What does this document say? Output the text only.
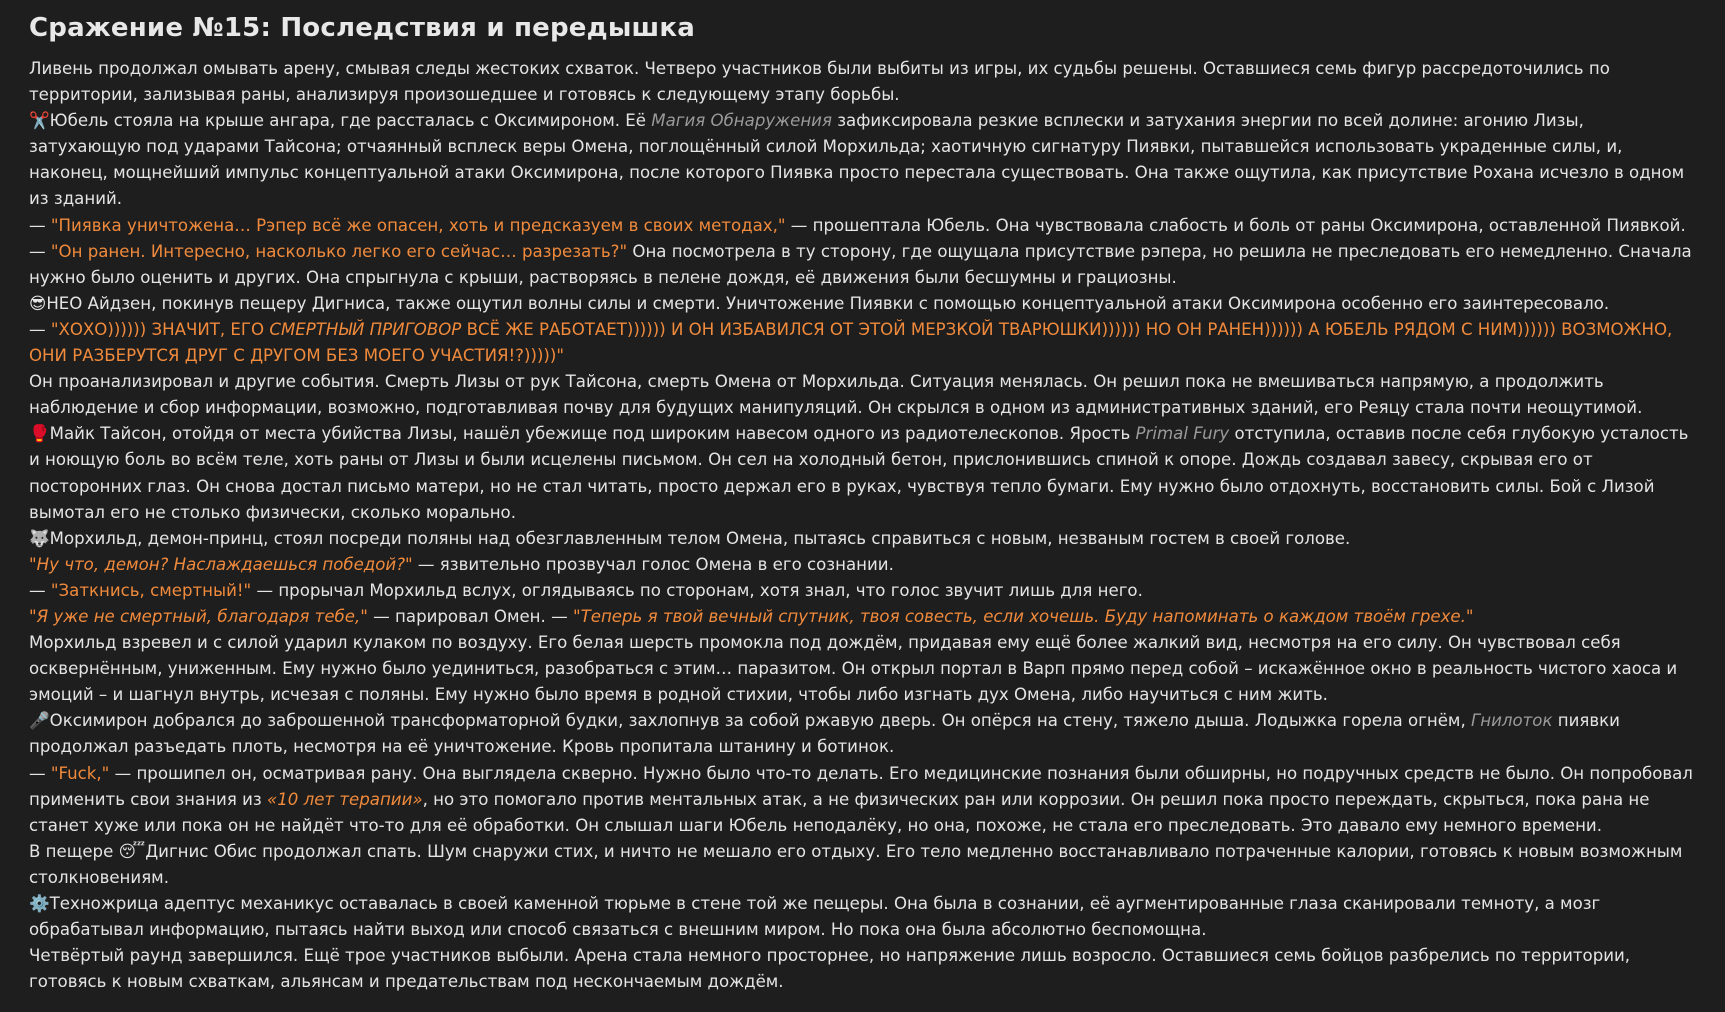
Сражение №15: Последствия и передышка

Ливень продолжал омывать арену, смывая следы жестоких схваток. Четверо участников были выбиты из игры, их судьбы решены. Оставшиеся семь фигур рассредоточились по территории, зализывая раны, анализируя произошедшее и готовясь к следующему этапу борьбы.

✂️Юбель стояла на крыше ангара, где рассталась с Оксимироном. Её Магия Обнаружения зафиксировала резкие всплески и затухания энергии по всей долине: агонию Лизы, затухающую под ударами Тайсона; отчаянный всплеск веры Омена, поглощённый силой Морхильда; хаотичную сигнатуру Пиявки, пытавшейся использовать украденные силы, и, наконец, мощнейший импульс концептуальной атаки Оксимирона, после которого Пиявка просто перестала существовать. Она также ощутила, как присутствие Рохана исчезло в одном из зданий.

— "Пиявка уничтожена… Рэпер всё же опасен, хоть и предсказуем в своих методах," — прошептала Юбель. Она чувствовала слабость и боль от раны Оксимирона, оставленной Пиявкой. — "Он ранен. Интересно, насколько легко его сейчас… разрезать?" Она посмотрела в ту сторону, где ощущала присутствие рэпера, но решила не преследовать его немедленно. Сначала нужно было оценить и других. Она спрыгнула с крыши, растворяясь в пелене дождя, её движения были бесшумны и грациозны.

😎НЕО Айдзен, покинув пещеру Дигниса, также ощутил волны силы и смерти. Уничтожение Пиявки с помощью концептуальной атаки Оксимирона особенно его заинтересовало.

— "ХОХО)))))) ЗНАЧИТ, ЕГО СМЕРТНЫЙ ПРИГОВОР ВСЁ ЖЕ РАБОТАЕТ)))))) И ОН ИЗБАВИЛСЯ ОТ ЭТОЙ МЕРЗКОЙ ТВАРЮШКИ)))))) НО ОН РАНЕН)))))) А ЮБЕЛЬ РЯДОМ С НИМ)))))) ВОЗМОЖНО, ОНИ РАЗБЕРУТСЯ ДРУГ С ДРУГОМ БЕЗ МОЕГО УЧАСТИЯ!?)))))"

Он проанализировал и другие события. Смерть Лизы от рук Тайсона, смерть Омена от Морхильда. Ситуация менялась. Он решил пока не вмешиваться напрямую, а продолжить наблюдение и сбор информации, возможно, подготавливая почву для будущих манипуляций. Он скрылся в одном из административных зданий, его Реяцу стала почти неощутимой.

🥊Майк Тайсон, отойдя от места убийства Лизы, нашёл убежище под широким навесом одного из радиотелескопов. Ярость Primal Fury отступила, оставив после себя глубокую усталость и ноющую боль во всём теле, хоть раны от Лизы и были исцелены письмом. Он сел на холодный бетон, прислонившись спиной к опоре. Дождь создавал завесу, скрывая его от посторонних глаз. Он снова достал письмо матери, но не стал читать, просто держал его в руках, чувствуя тепло бумаги. Ему нужно было отдохнуть, восстановить силы. Бой с Лизой вымотал его не столько физически, сколько морально.

🐺Морхильд, демон-принц, стоял посреди поляны над обезглавленным телом Омена, пытаясь справиться с новым, незваным гостем в своей голове.

"Ну что, демон? Наслаждаешься победой?" — язвительно прозвучал голос Омена в его сознании.

— "Заткнись, смертный!" — прорычал Морхильд вслух, оглядываясь по сторонам, хотя знал, что голос звучит лишь для него.

"Я уже не смертный, благодаря тебе," — парировал Омен. — "Теперь я твой вечный спутник, твоя совесть, если хочешь. Буду напоминать о каждом твоём грехе."

Морхильд взревел и с силой ударил кулаком по воздуху. Его белая шерсть промокла под дождём, придавая ему ещё более жалкий вид, несмотря на его силу. Он чувствовал себя осквернённым, униженным. Ему нужно было уединиться, разобраться с этим… паразитом. Он открыл портал в Варп прямо перед собой – искажённое окно в реальность чистого хаоса и эмоций – и шагнул внутрь, исчезая с поляны. Ему нужно было время в родной стихии, чтобы либо изгнать дух Омена, либо научиться с ним жить.

🎤Оксимирон добрался до заброшенной трансформаторной будки, захлопнув за собой ржавую дверь. Он опёрся на стену, тяжело дыша. Лодыжка горела огнём, Гнилоток пиявки продолжал разъедать плоть, несмотря на её уничтожение. Кровь пропитала штанину и ботинок.

— "Fuck," — прошипел он, осматривая рану. Она выглядела скверно. Нужно было что-то делать. Его медицинские познания были обширны, но подручных средств не было. Он попробовал применить свои знания из «10 лет терапии», но это помогало против ментальных атак, а не физических ран или коррозии. Он решил пока просто переждать, скрыться, пока рана не станет хуже или пока он не найдёт что-то для её обработки. Он слышал шаги Юбель неподалёку, но она, похоже, не стала его преследовать. Это давало ему немного времени.

В пещере 😴Дигнис Обис продолжал спать. Шум снаружи стих, и ничто не мешало его отдыху. Его тело медленно восстанавливало потраченные калории, готовясь к новым возможным столкновениям.

⚙️Техножрица адептус механикус оставалась в своей каменной тюрьме в стене той же пещеры. Она была в сознании, её аугментированные глаза сканировали темноту, а мозг обрабатывал информацию, пытаясь найти выход или способ связаться с внешним миром. Но пока она была абсолютно беспомощна.

Четвёртый раунд завершился. Ещё трое участников выбыли. Арена стала немного просторнее, но напряжение лишь возросло. Оставшиеся семь бойцов разбрелись по территории, готовясь к новым схваткам, альянсам и предательствам под нескончаемым дождём.
